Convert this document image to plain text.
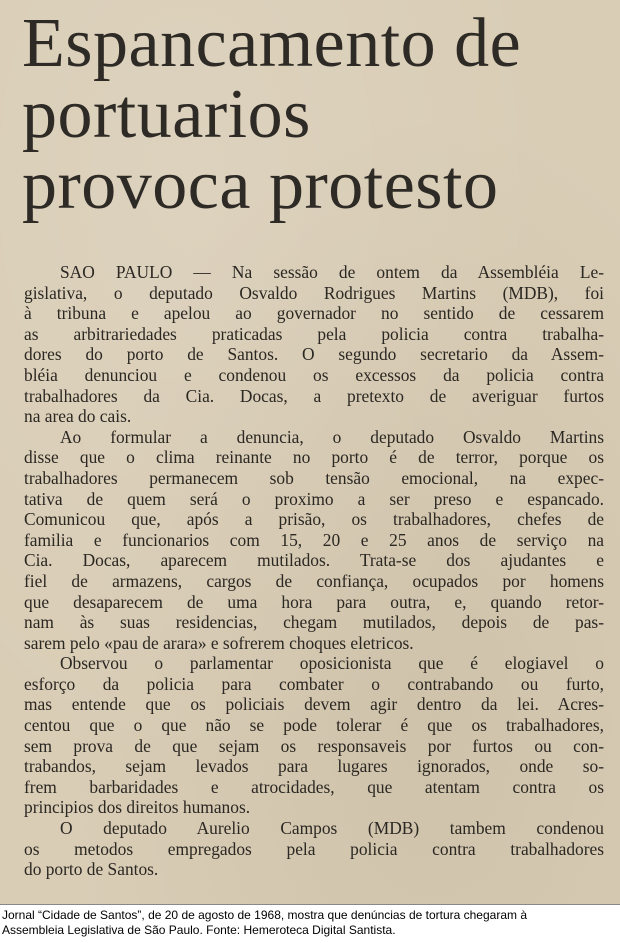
Espancamento de
portuarios
provoca protesto
SAO PAULO — Na sessão de ontem da Assembléia Le-
gislativa, o deputado Osvaldo Rodrigues Martins (MDB), foi
à tribuna e apelou ao governador no sentido de cessarem
as arbitrariedades praticadas pela policia contra trabalha-
dores do porto de Santos. O segundo secretario da Assem-
bléia denunciou e condenou os excessos da policia contra
trabalhadores da Cia. Docas, a pretexto de averiguar furtos
na area do cais.
Ao formular a denuncia, o deputado Osvaldo Martins
disse que o clima reinante no porto é de terror, porque os
trabalhadores permanecem sob tensão emocional, na expec-
tativa de quem será o proximo a ser preso e espancado.
Comunicou que, após a prisão, os trabalhadores, chefes de
familia e funcionarios com 15, 20 e 25 anos de serviço na
Cia. Docas, aparecem mutilados. Trata-se dos ajudantes e
fiel de armazens, cargos de confiança, ocupados por homens
que desaparecem de uma hora para outra, e, quando retor-
nam às suas residencias, chegam mutilados, depois de pas-
sarem pelo «pau de arara» e sofrerem choques eletricos.
Observou o parlamentar oposicionista que é elogiavel o
esforço da policia para combater o contrabando ou furto,
mas entende que os policiais devem agir dentro da lei. Acres-
centou que o que não se pode tolerar é que os trabalhadores,
sem prova de que sejam os responsaveis por furtos ou con-
trabandos, sejam levados para lugares ignorados, onde so-
frem barbaridades e atrocidades, que atentam contra os
principios dos direitos humanos.
O deputado Aurelio Campos (MDB) tambem condenou
os metodos empregados pela policia contra trabalhadores
do porto de Santos.
Jornal “Cidade de Santos”, de 20 de agosto de 1968, mostra que denúncias de tortura chegaram à
Assembleia Legislativa de São Paulo. Fonte: Hemeroteca Digital Santista.
